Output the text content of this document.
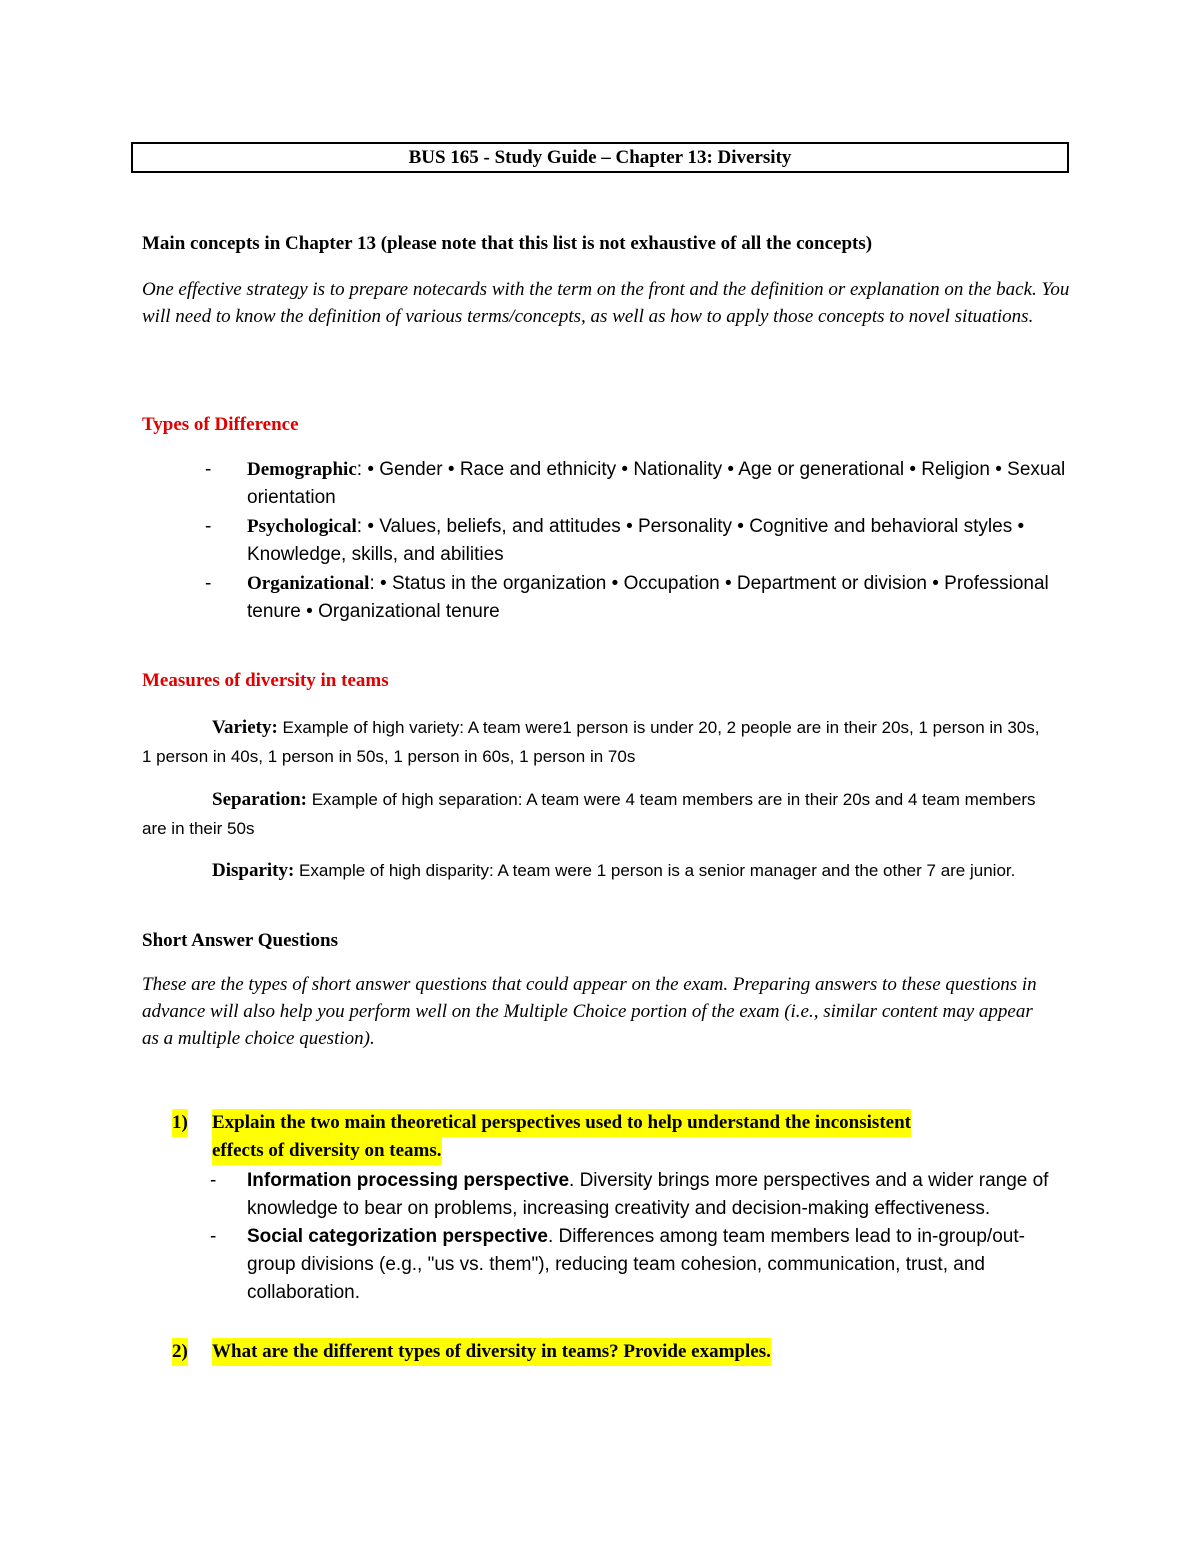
BUS 165 - Study Guide – Chapter 13: Diversity
Main concepts in Chapter 13 (please note that this list is not exhaustive of all the concepts)
One effective strategy is to prepare notecards with the term on the front and the definition or explanation on the back. You will need to know the definition of various terms/concepts, as well as how to apply those concepts to novel situations.
Types of Difference
- Demographic: • Gender • Race and ethnicity • Nationality • Age or generational • Religion • Sexual orientation
- Psychological: • Values, beliefs, and attitudes • Personality • Cognitive and behavioral styles • Knowledge, skills, and abilities
- Organizational: • Status in the organization • Occupation • Department or division • Professional tenure • Organizational tenure
Measures of diversity in teams
Variety: Example of high variety: A team were1 person is under 20, 2 people are in their 20s, 1 person in 30s, 1 person in 40s, 1 person in 50s, 1 person in 60s, 1 person in 70s
Separation: Example of high separation: A team were 4 team members are in their 20s and 4 team members are in their 50s
Disparity: Example of high disparity: A team were 1 person is a senior manager and the other 7 are junior.
Short Answer Questions
These are the types of short answer questions that could appear on the exam. Preparing answers to these questions in advance will also help you perform well on the Multiple Choice portion of the exam (i.e., similar content may appear as a multiple choice question).
1) Explain the two main theoretical perspectives used to help understand the inconsistent
effects of diversity on teams.
- Information processing perspective. Diversity brings more perspectives and a wider range of knowledge to bear on problems, increasing creativity and decision-making effectiveness.
- Social categorization perspective. Differences among team members lead to in-group/out-group divisions (e.g., "us vs. them"), reducing team cohesion, communication, trust, and collaboration.
2) What are the different types of diversity in teams? Provide examples.
